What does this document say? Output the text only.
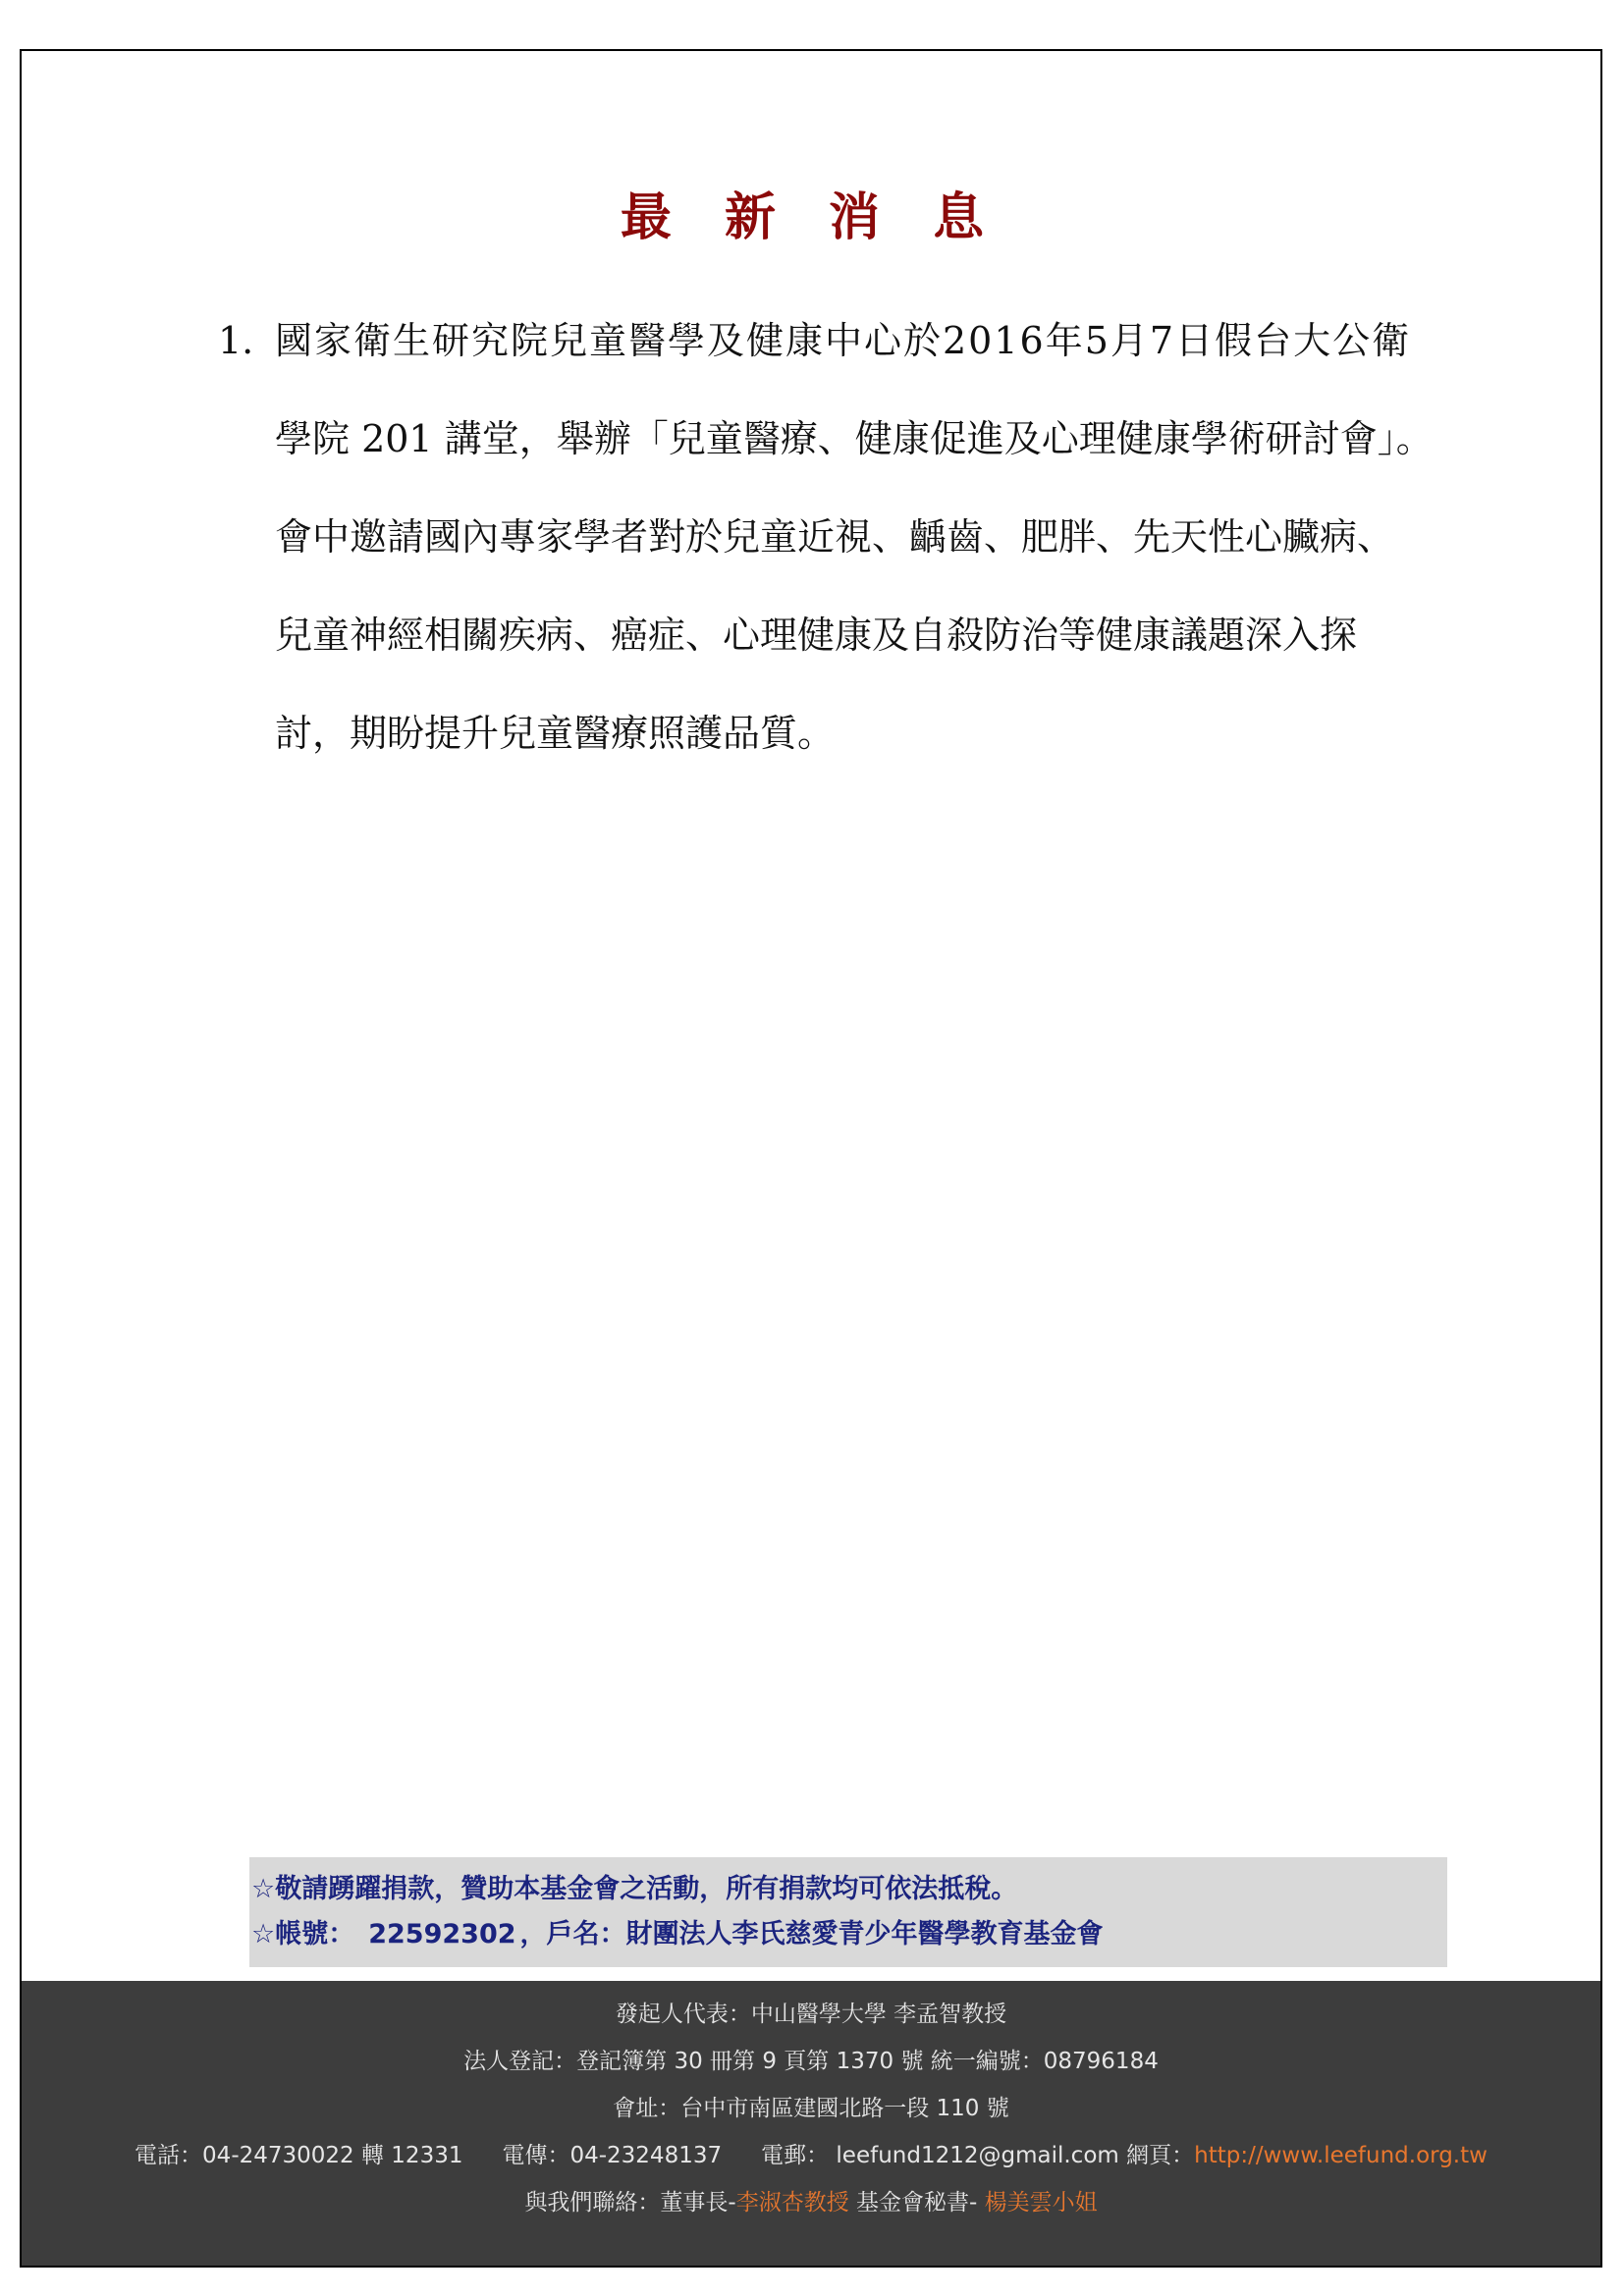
最 新 消 息
1. 國家衛生研究院兒童醫學及健康中心於2016年5月7日假台大公衛
學院 201 講堂，舉辦「兒童醫療、健康促進及心理健康學術研討會」。
會中邀請國內專家學者對於兒童近視、齲齒、肥胖、先天性心臟病、
兒童神經相關疾病、癌症、心理健康及自殺防治等健康議題深入探
討，期盼提升兒童醫療照護品質。
☆敬請踴躍捐款，贊助本基金會之活動，所有捐款均可依法抵稅。
☆帳號： 22592302 ，戶名：財團法人李氏慈愛青少年醫學教育基金會
發起人代表：中山醫學大學 李孟智教授
法人登記：登記簿第 30 冊第 9 頁第 1370 號 統一編號：08796184
會址：台中市南區建國北路一段 110 號
電話：04-24730022 轉 12331 電傳：04-23248137 電郵： leefund1212@gmail.com 網頁：http://www.leefund.org.tw
與我們聯絡：董事長-李淑杏教授 基金會秘書- 楊美雲小姐
